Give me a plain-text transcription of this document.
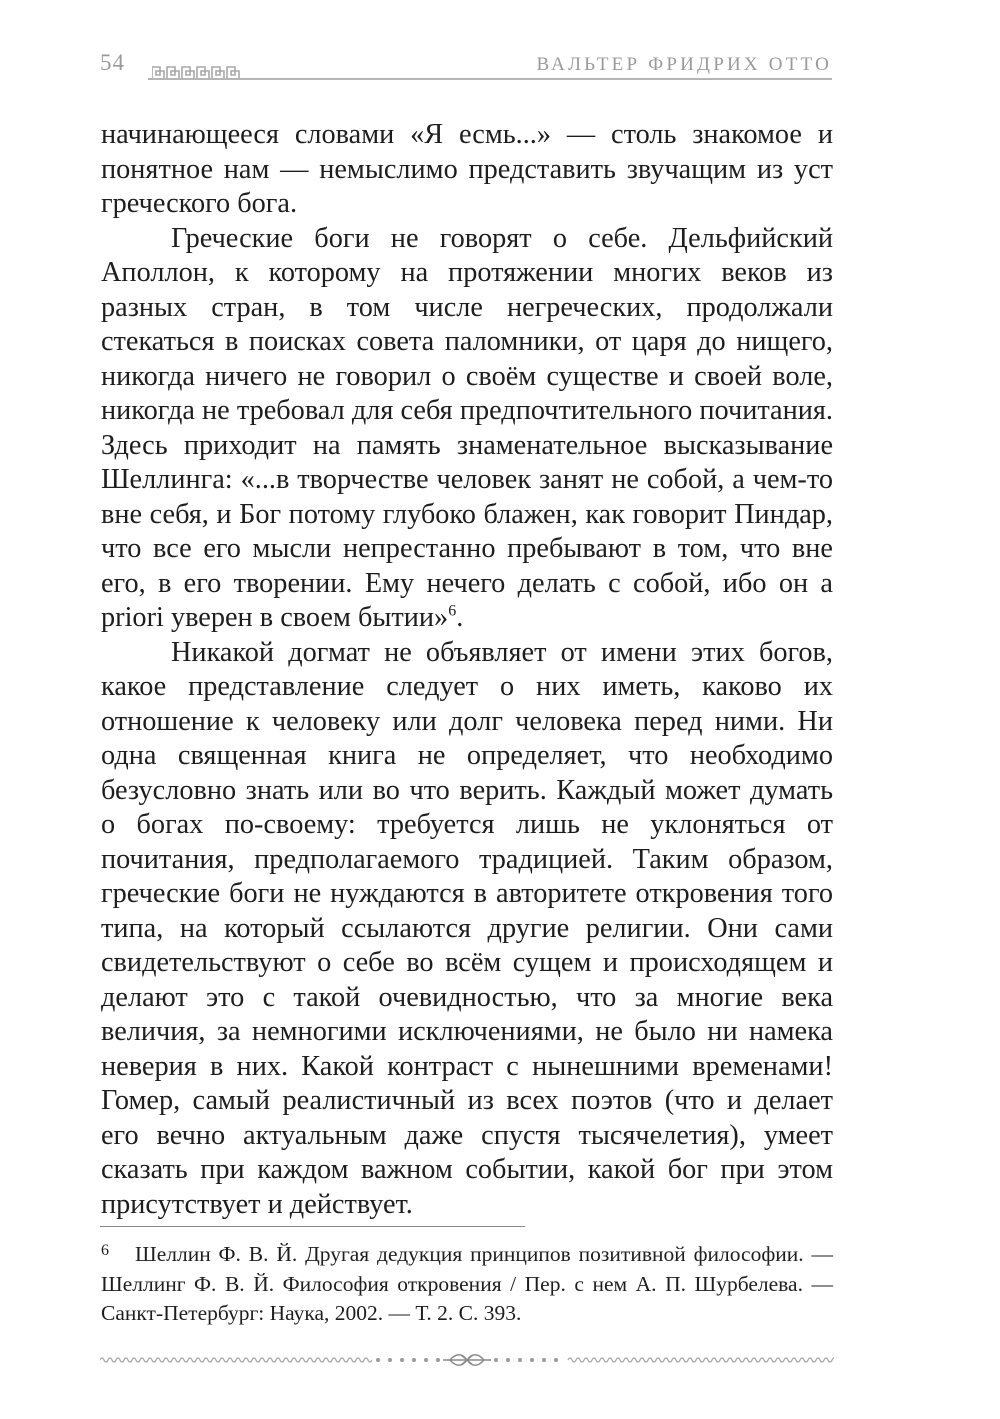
54	ВАЛЬТЕР ФРИДРИХ ОТТО

начинающееся словами «Я есмь...» — столь знакомое и понятное нам — немыслимо представить звучащим из уст греческого бога.

Греческие боги не говорят о себе. Дельфийский Аполлон, к которому на протяжении многих веков из разных стран, в том числе негреческих, продолжали стекаться в поисках совета паломники, от царя до нищего, никогда ничего не говорил о своём существе и своей воле, никогда не требовал для себя предпочтительного почитания. Здесь приходит на память знаменательное высказывание Шеллинга: «...в творчестве человек занят не собой, а чем-то вне себя, и Бог потому глубоко блажен, как говорит Пиндар, что все его мысли непрестанно пребывают в том, что вне его, в его творении. Ему нечего делать с собой, ибо он a priori уверен в своем бытии»$^6$.

Никакой догмат не объявляет от имени этих богов, какое представление следует о них иметь, каково их отношение к человеку или долг человека перед ними. Ни одна священная книга не определяет, что необходимо безусловно знать или во что верить. Каждый может думать о богах по-своему: требуется лишь не уклоняться от почитания, предполагаемого традицией. Таким образом, греческие боги не нуждаются в авторитете откровения того типа, на который ссылаются другие религии. Они сами свидетельствуют о себе во всём сущем и происходящем и делают это с такой очевидностью, что за многие века величия, за немногими исключениями, не было ни намека неверия в них. Какой контраст с нынешними временами! Гомер, самый реалистичный из всех поэтов (что и делает его вечно актуальным даже спустя тысячелетия), умеет сказать при каждом важном событии, какой бог при этом присутствует и действует.

6 Шеллин Ф. В. Й. Другая дедукция принципов позитивной философии. — Шеллинг Ф. В. Й. Философия откровения / Пер. с нем А. П. Шурбелева. — Санкт-Петербург: Наука, 2002. — Т. 2. С. 393.
